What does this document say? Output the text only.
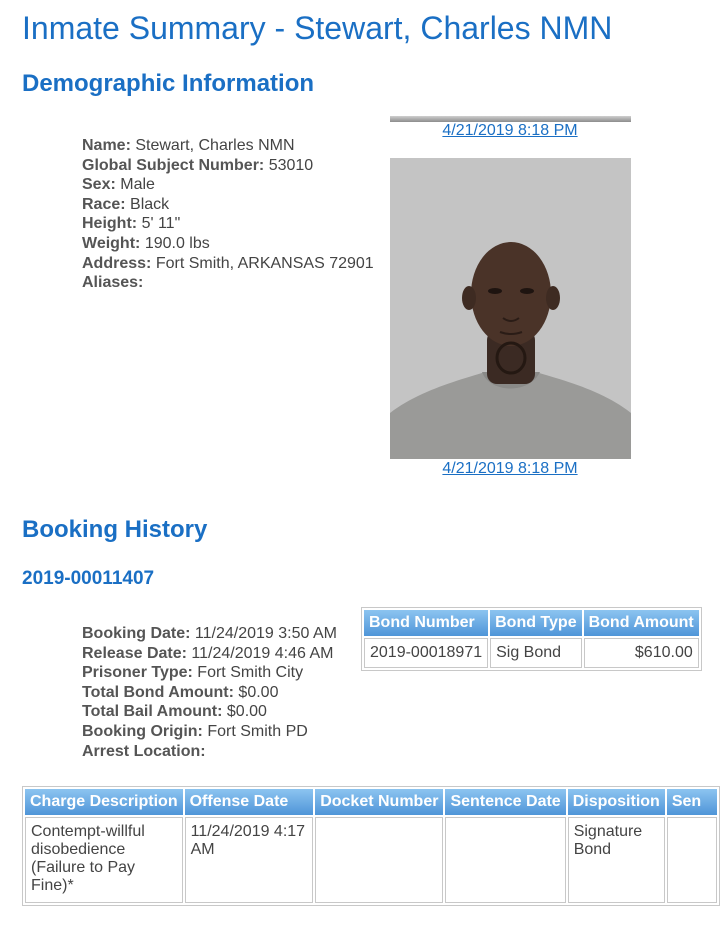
Inmate Summary - Stewart, Charles NMN
Demographic Information
Name: Stewart, Charles NMN
Global Subject Number: 53010
Sex: Male
Race: Black
Height: 5' 11"
Weight: 190.0 lbs
Address: Fort Smith, ARKANSAS 72901
Aliases:
4/21/2019 8:18 PM
4/21/2019 8:18 PM
Booking History
2019-00011407
Booking Date: 11/24/2019 3:50 AM
Release Date: 11/24/2019 4:46 AM
Prisoner Type: Fort Smith City
Total Bond Amount: $0.00
Total Bail Amount: $0.00
Booking Origin: Fort Smith PD
Arrest Location:
Bond Number	Bond Type	Bond Amount
2019-00018971	Sig Bond	$610.00
Charge Description	Offense Date	Docket Number	Sentence Date	Disposition	Sen
Contempt-willful disobedience (Failure to Pay Fine)*	11/24/2019 4:17 AM			Signature Bond	
